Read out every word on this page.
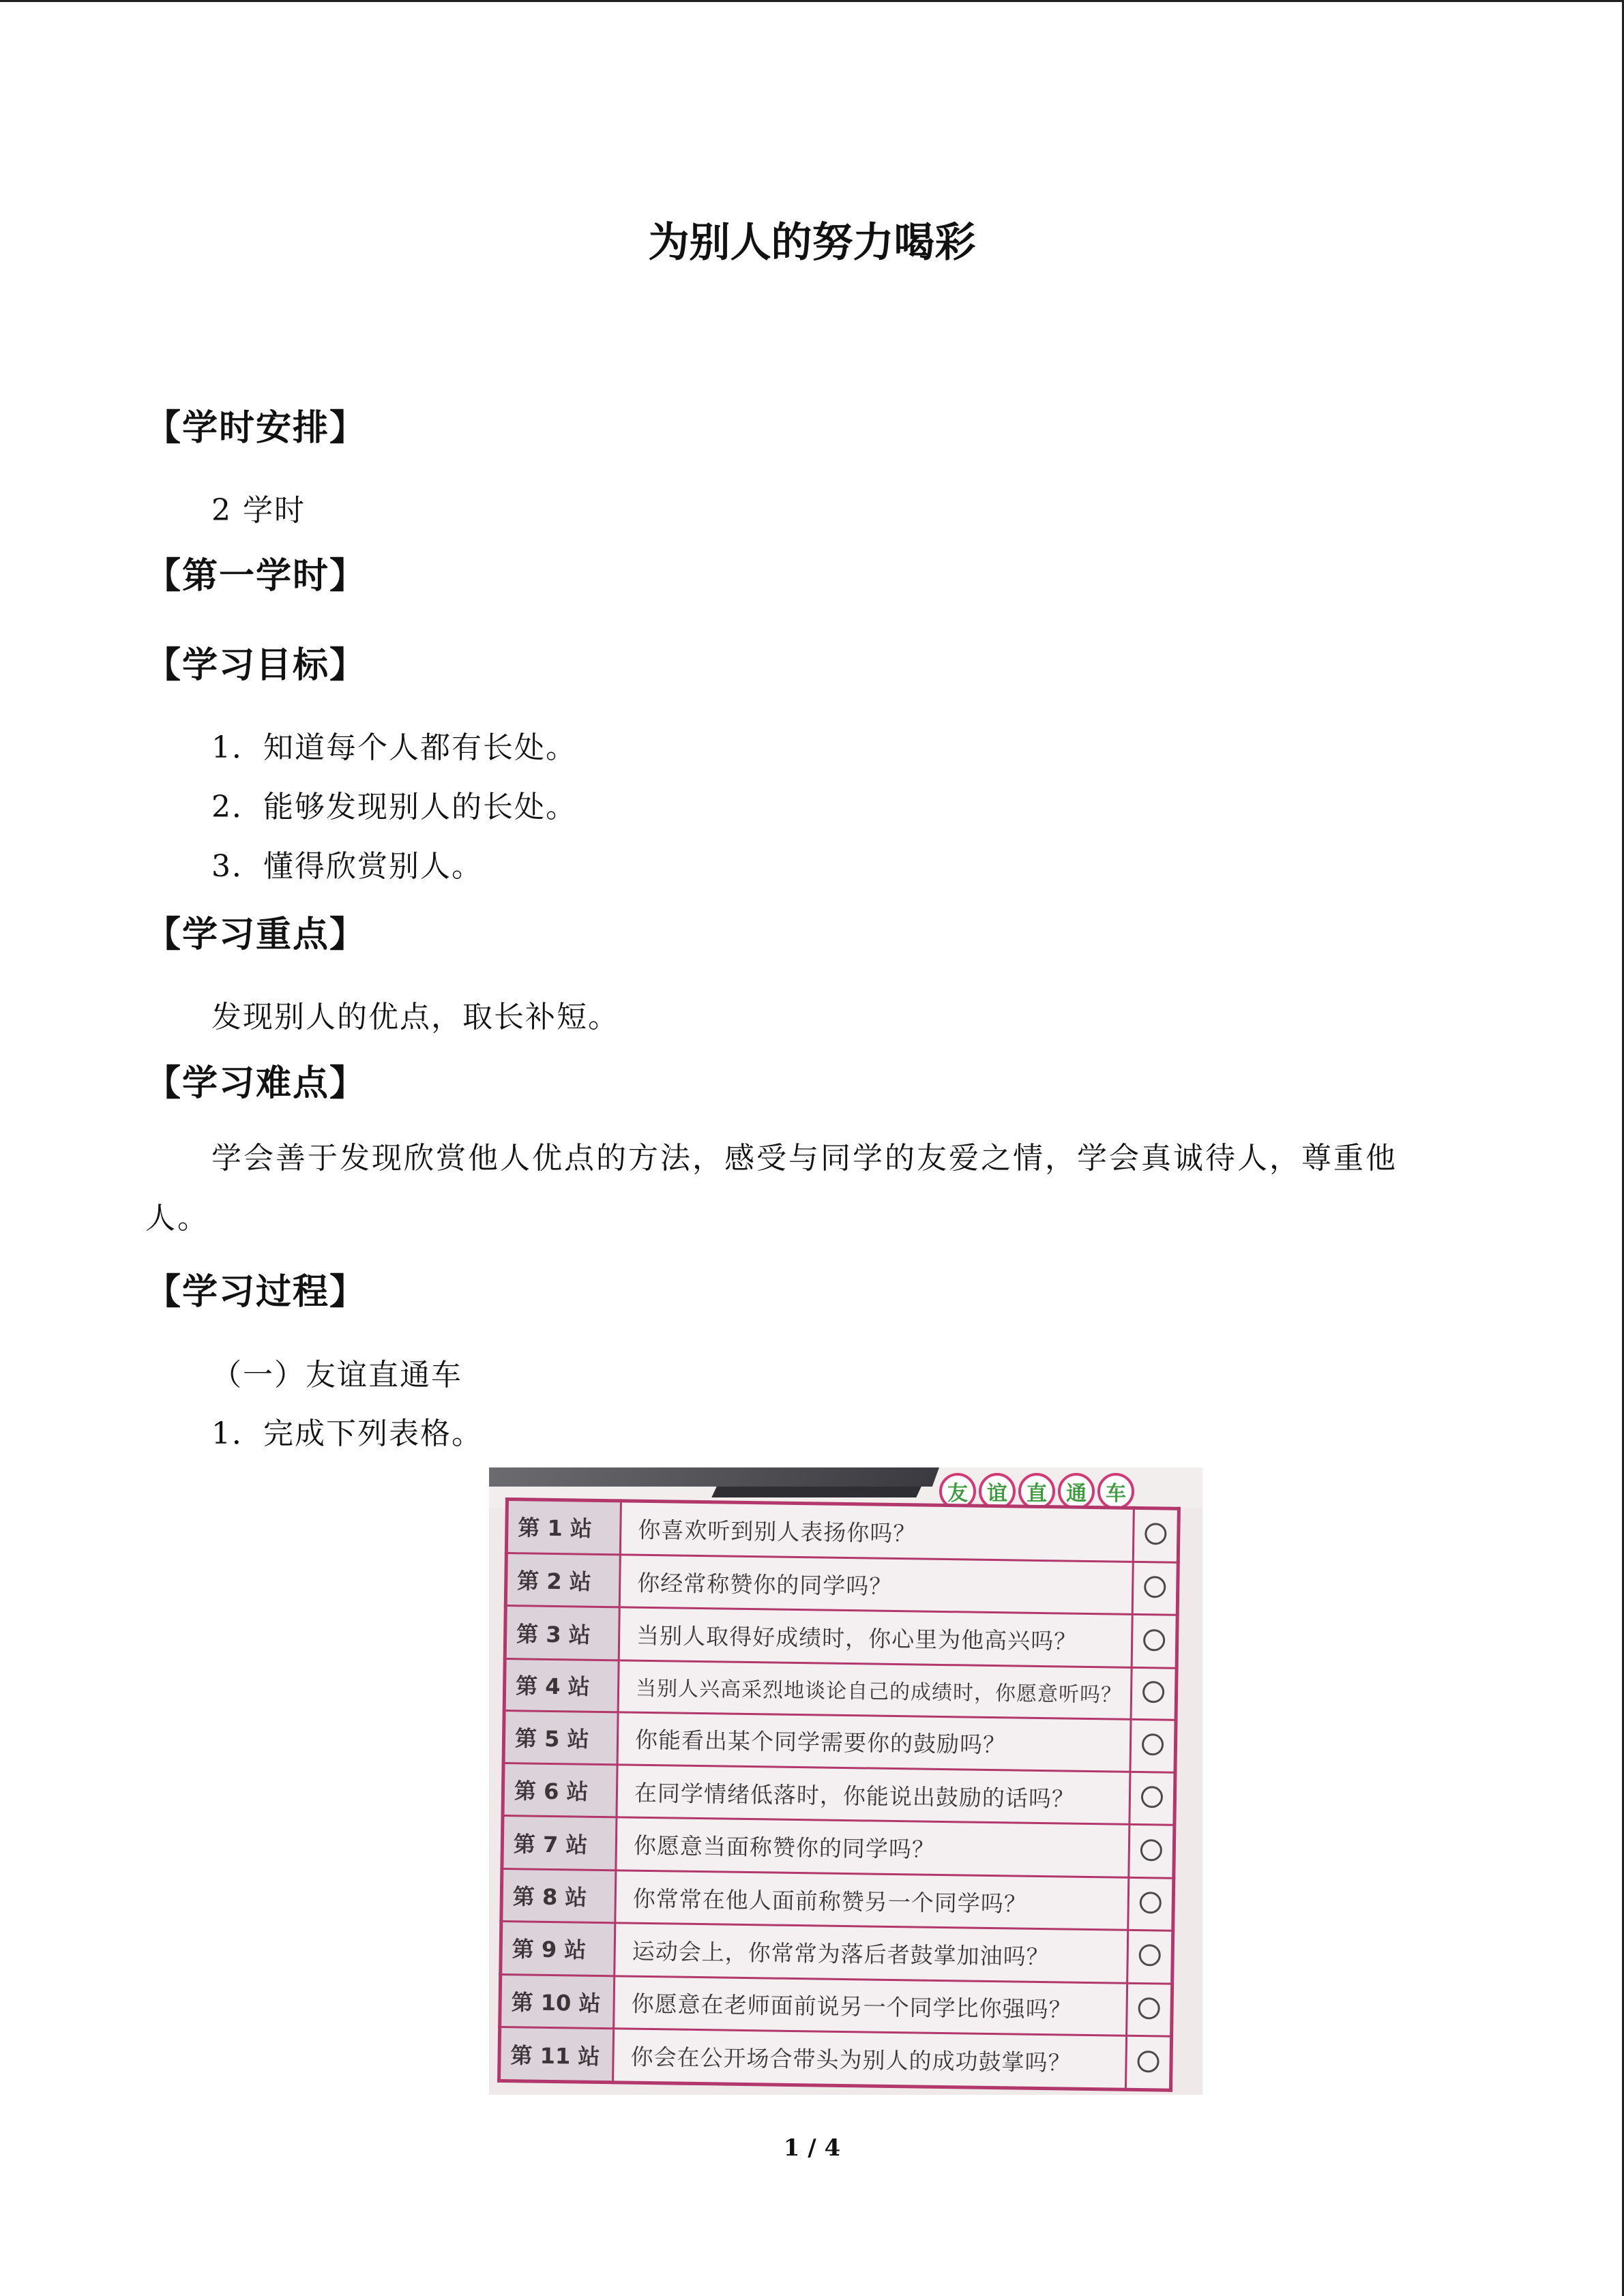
为别人的努力喝彩
【学时安排】
2 学时
【第一学时】
【学习目标】
1．知道每个人都有长处。
2．能够发现别人的长处。
3．懂得欣赏别人。
【学习重点】
发现别人的优点，取长补短。
【学习难点】
学会善于发现欣赏他人优点的方法，感受与同学的友爱之情，学会真诚待人，尊重他人。
【学习过程】
（一）友谊直通车
1．完成下列表格。
友 谊 直 通 车
第 1 站	你喜欢听到别人表扬你吗？	
第 2 站	你经常称赞你的同学吗？	
第 3 站	当别人取得好成绩时，你心里为他高兴吗？	
第 4 站	当别人兴高采烈地谈论自己的成绩时，你愿意听吗？	
第 5 站	你能看出某个同学需要你的鼓励吗？	
第 6 站	在同学情绪低落时，你能说出鼓励的话吗？	
第 7 站	你愿意当面称赞你的同学吗？	
第 8 站	你常常在他人面前称赞另一个同学吗？	
第 9 站	运动会上，你常常为落后者鼓掌加油吗？	
第 10 站	你愿意在老师面前说另一个同学比你强吗？	
第 11 站	你会在公开场合带头为别人的成功鼓掌吗？	
1 / 4
